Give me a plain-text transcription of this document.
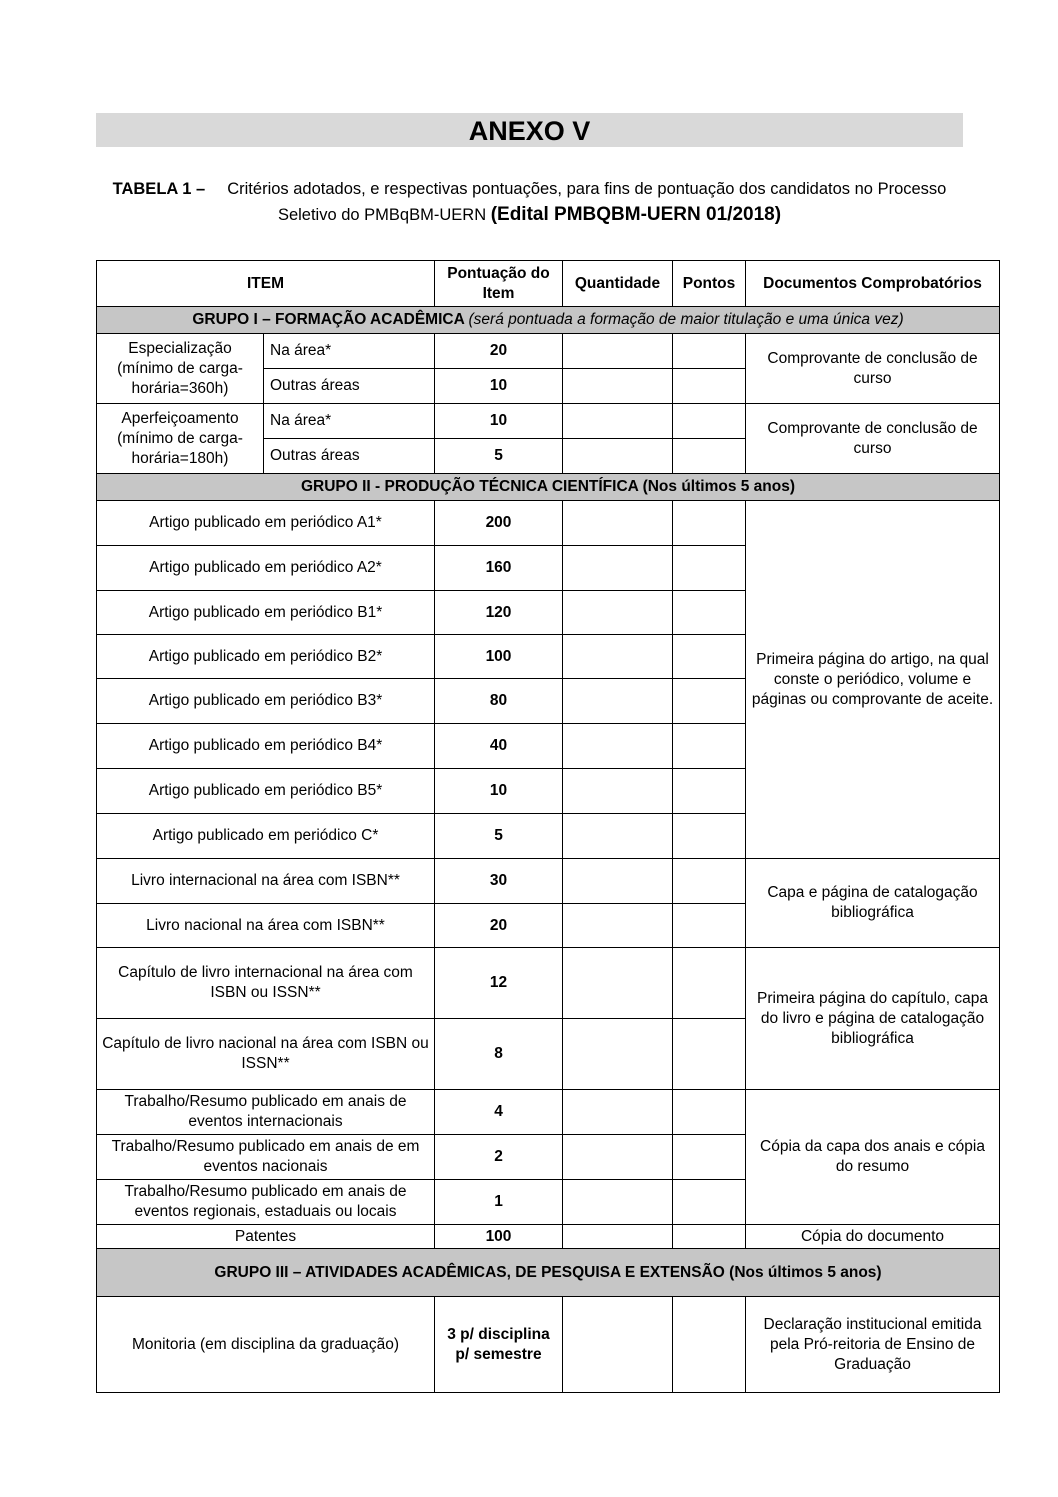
ANEXO V
TABELA 1 – Critérios adotados, e respectivas pontuações, para fins de pontuação dos candidatos no Processo Seletivo do PMBqBM-UERN (Edital PMBQBM-UERN 01/2018)
ITEM		Pontuação do Item	Quantidade	Pontos	Documentos Comprobatórios
GRUPO I – FORMAÇÃO ACADÊMICA (será pontuada a formação de maior titulação e uma única vez)					
Especialização (mínimo de carga-horária=360h)	Na área*	20			Comprovante de conclusão de curso
	Outras áreas	10			
Aperfeiçoamento (mínimo de carga-horária=180h)	Na área*	10			Comprovante de conclusão de curso
	Outras áreas	5			
GRUPO II - PRODUÇÃO TÉCNICA CIENTÍFICA (Nos últimos 5 anos)					
Artigo publicado em periódico A1*		200			Primeira página do artigo, na qual conste o periódico, volume e páginas ou comprovante de aceite.
Artigo publicado em periódico A2*		160			
Artigo publicado em periódico B1*		120			
Artigo publicado em periódico B2*		100			
Artigo publicado em periódico B3*		80			
Artigo publicado em periódico B4*		40			
Artigo publicado em periódico B5*		10			
Artigo publicado em periódico C*		5			
Livro internacional na área com ISBN**		30			Capa e página de catalogação bibliográfica
Livro nacional na área com ISBN**		20			
Capítulo de livro internacional na área com ISBN ou ISSN**		12			Primeira página do capítulo, capa do livro e página de catalogação bibliográfica
Capítulo de livro nacional na área com ISBN ou ISSN**		8			
Trabalho/Resumo publicado em anais de eventos internacionais		4			Cópia da capa dos anais e cópia do resumo
Trabalho/Resumo publicado em anais de em eventos nacionais		2			
Trabalho/Resumo publicado em anais de eventos regionais, estaduais ou locais		1			
Patentes		100			Cópia do documento
GRUPO III – ATIVIDADES ACADÊMICAS, DE PESQUISA E EXTENSÃO (Nos últimos 5 anos)					
Monitoria (em disciplina da graduação)		3 p/ disciplina p/ semestre			Declaração institucional emitida pela Pró-reitoria de Ensino de Graduação
